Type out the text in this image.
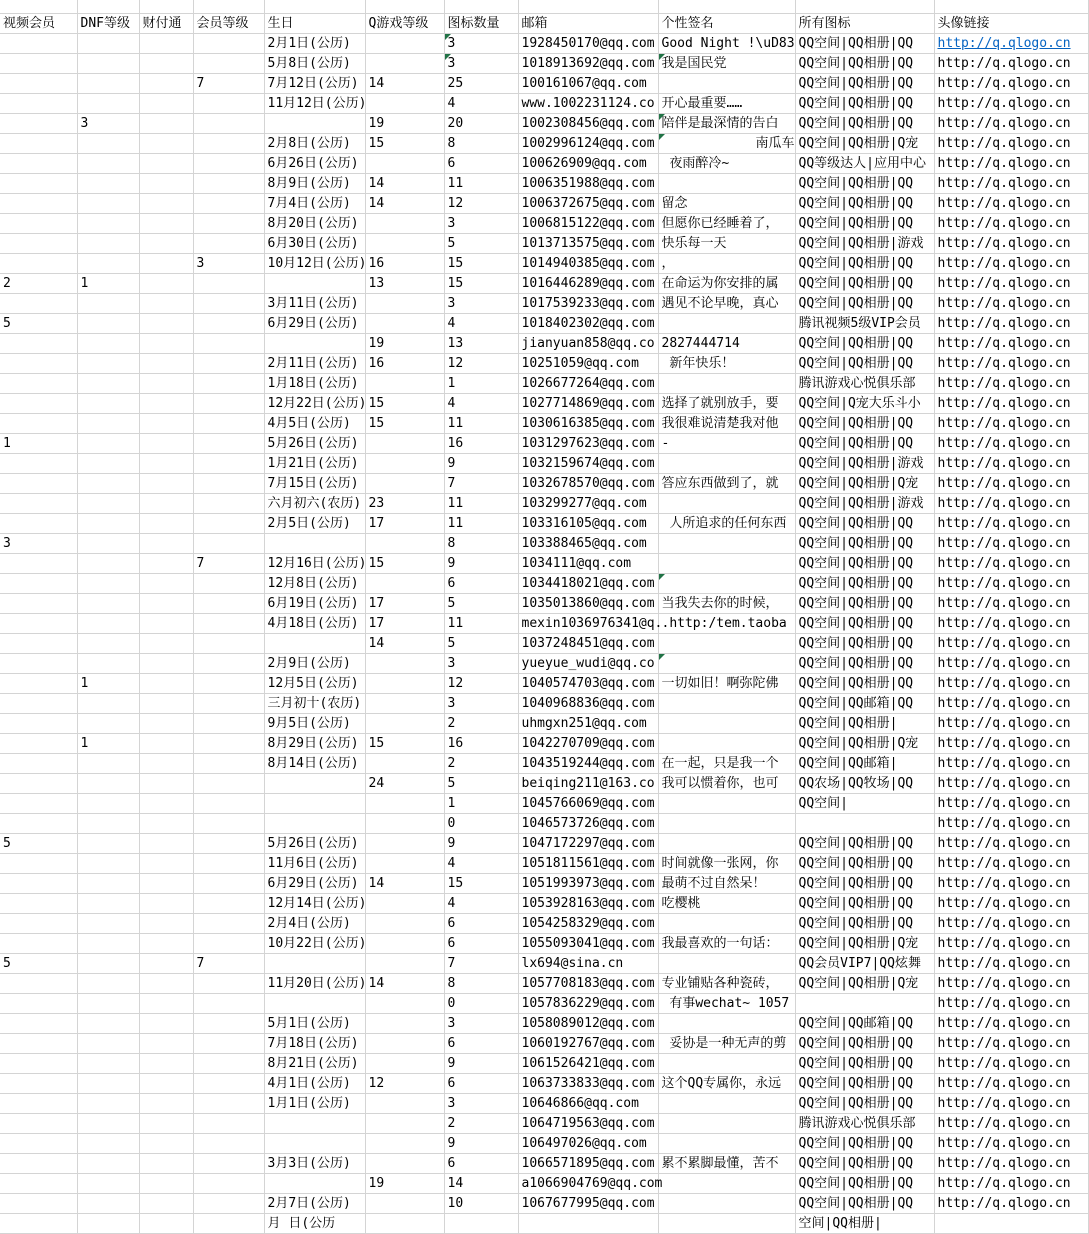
视频会员	DNF等级	财付通	会员等级	生日	Q游戏等级	图标数量	邮箱	个性签名	所有图标	头像链接
				2月1日(公历)		3	1928450170@qq.com	Good Night !\uD83	QQ空间|QQ相册|QQ	http://q.qlogo.cn
				5月8日(公历)		3	1018913692@qq.com	我是国民党	QQ空间|QQ相册|QQ	http://q.qlogo.cn
			7	7月12日(公历)	14	25	100161067@qq.com		QQ空间|QQ相册|QQ	http://q.qlogo.cn
				11月12日(公历)		4	www.1002231124.co	开心最重要……	QQ空间|QQ相册|QQ	http://q.qlogo.cn
	3				19	20	1002308456@qq.com	陪伴是最深情的告白	QQ空间|QQ相册|QQ	http://q.qlogo.cn
				2月8日(公历)	15	8	1002996124@qq.com	南瓜车	QQ空间|QQ相册|Q宠	http://q.qlogo.cn
				6月26日(公历)		6	100626909@qq.com	夜雨醉冷~	QQ等级达人|应用中心	http://q.qlogo.cn
				8月9日(公历)	14	11	1006351988@qq.com		QQ空间|QQ相册|QQ	http://q.qlogo.cn
				7月4日(公历)	14	12	1006372675@qq.com	留念	QQ空间|QQ相册|QQ	http://q.qlogo.cn
				8月20日(公历)		3	1006815122@qq.com	但愿你已经睡着了，	QQ空间|QQ相册|QQ	http://q.qlogo.cn
				6月30日(公历)		5	1013713575@qq.com	快乐每一天	QQ空间|QQ相册|游戏	http://q.qlogo.cn
			3	10月12日(公历)	16	15	1014940385@qq.com	，	QQ空间|QQ相册|QQ	http://q.qlogo.cn
2	1				13	15	1016446289@qq.com	在命运为你安排的属	QQ空间|QQ相册|QQ	http://q.qlogo.cn
				3月11日(公历)		3	1017539233@qq.com	遇见不论早晚，真心	QQ空间|QQ相册|QQ	http://q.qlogo.cn
5				6月29日(公历)		4	1018402302@qq.com		腾讯视频5级VIP会员	http://q.qlogo.cn
					19	13	jianyuan858@qq.co	2827444714	QQ空间|QQ相册|QQ	http://q.qlogo.cn
				2月11日(公历)	16	12	10251059@qq.com	新年快乐！	QQ空间|QQ相册|QQ	http://q.qlogo.cn
				1月18日(公历)		1	1026677264@qq.com		腾讯游戏心悦俱乐部	http://q.qlogo.cn
				12月22日(公历)	15	4	1027714869@qq.com	选择了就别放手，要	QQ空间|Q宠大乐斗小	http://q.qlogo.cn
				4月5日(公历)	15	11	1030616385@qq.com	我很难说清楚我对他	QQ空间|QQ相册|QQ	http://q.qlogo.cn
1				5月26日(公历)		16	1031297623@qq.com	-	QQ空间|QQ相册|QQ	http://q.qlogo.cn
				1月21日(公历)		9	1032159674@qq.com		QQ空间|QQ相册|游戏	http://q.qlogo.cn
				7月15日(公历)		7	1032678570@qq.com	答应东西做到了，就	QQ空间|QQ相册|Q宠	http://q.qlogo.cn
				六月初六(农历)	23	11	103299277@qq.com		QQ空间|QQ相册|游戏	http://q.qlogo.cn
				2月5日(公历)	17	11	103316105@qq.com	人所追求的任何东西	QQ空间|QQ相册|QQ	http://q.qlogo.cn
3						8	103388465@qq.com		QQ空间|QQ相册|QQ	http://q.qlogo.cn
			7	12月16日(公历)	15	9	1034111@qq.com		QQ空间|QQ相册|QQ	http://q.qlogo.cn
				12月8日(公历)		6	1034418021@qq.com		QQ空间|QQ相册|QQ	http://q.qlogo.cn
				6月19日(公历)	17	5	1035013860@qq.com	当我失去你的时候，	QQ空间|QQ相册|QQ	http://q.qlogo.cn
				4月18日(公历)	17	11	mexin1036976341@q.	.http:/tem.taoba	QQ空间|QQ相册|QQ	http://q.qlogo.cn
					14	5	1037248451@qq.com		QQ空间|QQ相册|QQ	http://q.qlogo.cn
				2月9日(公历)		3	yueyue_wudi@qq.co		QQ空间|QQ相册|QQ	http://q.qlogo.cn
	1			12月5日(公历)		12	1040574703@qq.com	一切如旧！啊弥陀佛	QQ空间|QQ相册|QQ	http://q.qlogo.cn
				三月初十(农历)		3	1040968836@qq.com		QQ空间|QQ邮箱|QQ	http://q.qlogo.cn
				9月5日(公历)		2	uhmgxn251@qq.com		QQ空间|QQ相册|	http://q.qlogo.cn
	1			8月29日(公历)	15	16	1042270709@qq.com		QQ空间|QQ相册|Q宠	http://q.qlogo.cn
				8月14日(公历)		2	1043519244@qq.com	在一起，只是我一个	QQ空间|QQ邮箱|	http://q.qlogo.cn
					24	5	beiqing211@163.co	我可以惯着你，也可	QQ农场|QQ牧场|QQ	http://q.qlogo.cn
						1	1045766069@qq.com		QQ空间|	http://q.qlogo.cn
						0	1046573726@qq.com			http://q.qlogo.cn
5				5月26日(公历)		9	1047172297@qq.com		QQ空间|QQ相册|QQ	http://q.qlogo.cn
				11月6日(公历)		4	1051811561@qq.com	时间就像一张网，你	QQ空间|QQ相册|QQ	http://q.qlogo.cn
				6月29日(公历)	14	15	1051993973@qq.com	最萌不过自然呆！	QQ空间|QQ相册|QQ	http://q.qlogo.cn
				12月14日(公历)		4	1053928163@qq.com	吃樱桃	QQ空间|QQ相册|QQ	http://q.qlogo.cn
				2月4日(公历)		6	1054258329@qq.com		QQ空间|QQ相册|QQ	http://q.qlogo.cn
				10月22日(公历)		6	1055093041@qq.com	我最喜欢的一句话：	QQ空间|QQ相册|Q宠	http://q.qlogo.cn
5			7			7	lx694@sina.cn		QQ会员VIP7|QQ炫舞	http://q.qlogo.cn
				11月20日(公历)	14	8	1057708183@qq.com	专业铺贴各种瓷砖，	QQ空间|QQ相册|Q宠	http://q.qlogo.cn
						0	1057836229@qq.com	有事wechat~ 1057		http://q.qlogo.cn
				5月1日(公历)		3	1058089012@qq.com		QQ空间|QQ邮箱|QQ	http://q.qlogo.cn
				7月18日(公历)		6	1060192767@qq.com	妥协是一种无声的剪	QQ空间|QQ相册|QQ	http://q.qlogo.cn
				8月21日(公历)		9	1061526421@qq.com		QQ空间|QQ相册|QQ	http://q.qlogo.cn
				4月1日(公历)	12	6	1063733833@qq.com	这个QQ专属你，永远	QQ空间|QQ相册|QQ	http://q.qlogo.cn
				1月1日(公历)		3	10646866@qq.com		QQ空间|QQ相册|QQ	http://q.qlogo.cn
						2	1064719563@qq.com		腾讯游戏心悦俱乐部	http://q.qlogo.cn
						9	106497026@qq.com		QQ空间|QQ相册|QQ	http://q.qlogo.cn
				3月3日(公历)		6	1066571895@qq.com	累不累脚最懂，苦不	QQ空间|QQ相册|QQ	http://q.qlogo.cn
					19	14	a1066904769@qq.com		QQ空间|QQ相册|QQ	http://q.qlogo.cn
				2月7日(公历)		10	1067677995@qq.com		QQ空间|QQ相册|QQ	http://q.qlogo.cn
				月 日(公历					空间|QQ相册|	
